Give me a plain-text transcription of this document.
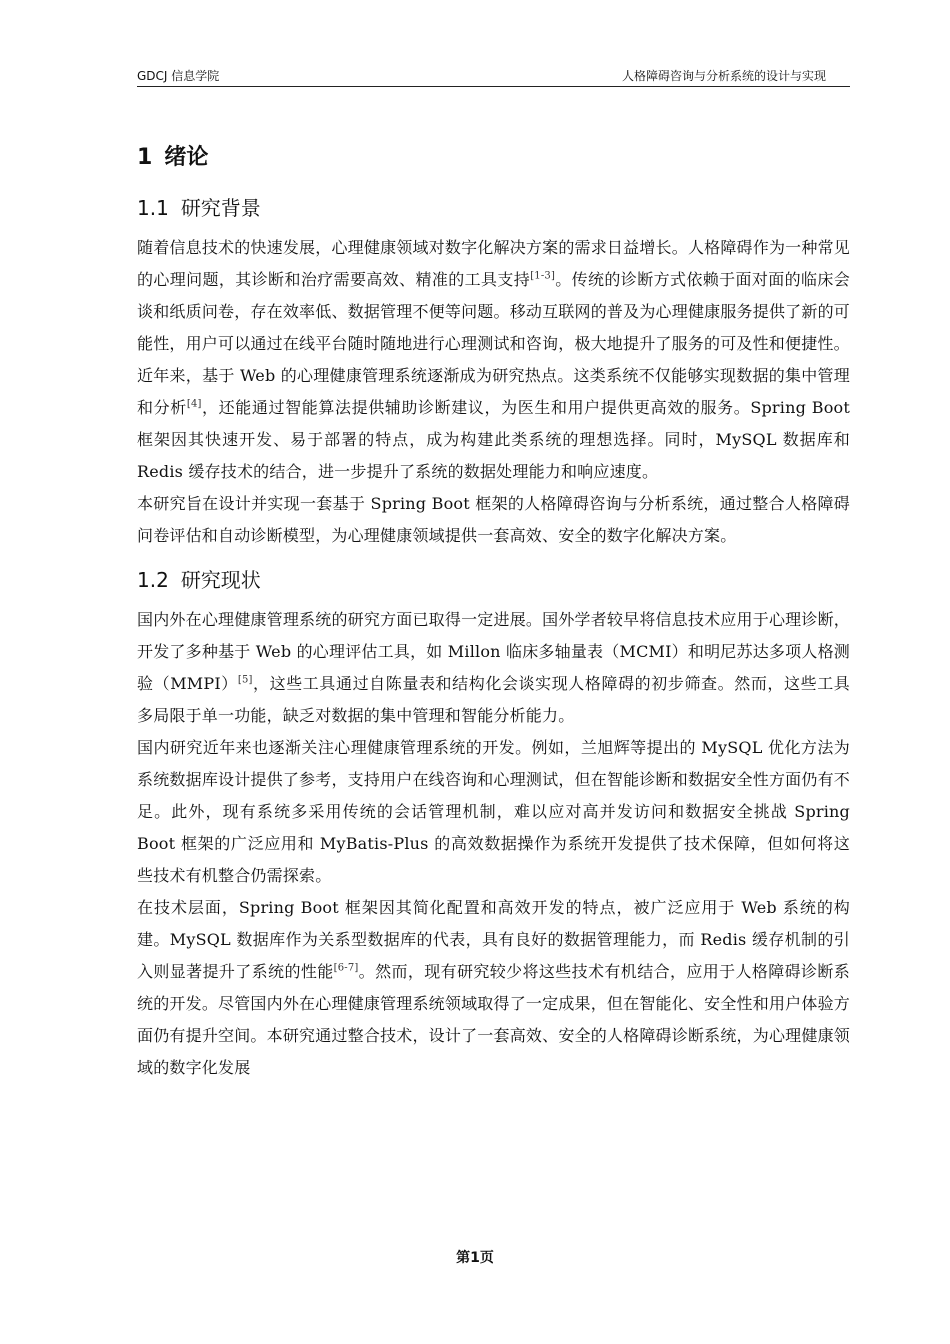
GDCJ 信息学院	人格障碍咨询与分析系统的设计与实现
1 绪论
1.1 研究背景

随着信息技术的快速发展，心理健康领域对数字化解决方案的需求日益增长。人格障碍作为一种常见的心理问题，其诊断和治疗需要高效、精准的工具支持[1-3]。传统的诊断方式依赖于面对面的临床会谈和纸质问卷，存在效率低、数据管理不便等问题。移动互联网的普及为心理健康服务提供了新的可能性，用户可以通过在线平台随时随地进行心理测试和咨询，极大地提升了服务的可及性和便捷性。

近年来，基于 Web 的心理健康管理系统逐渐成为研究热点。这类系统不仅能够实现数据的集中管理和分析[4]，还能通过智能算法提供辅助诊断建议，为医生和用户提供更高效的服务。Spring Boot 框架因其快速开发、易于部署的特点，成为构建此类系统的理想选择。同时，MySQL 数据库和 Redis 缓存技术的结合，进一步提升了系统的数据处理能力和响应速度。

本研究旨在设计并实现一套基于 Spring Boot 框架的人格障碍咨询与分析系统，通过整合人格障碍问卷评估和自动诊断模型，为心理健康领域提供一套高效、安全的数字化解决方案。

1.2 研究现状

国内外在心理健康管理系统的研究方面已取得一定进展。国外学者较早将信息技术应用于心理诊断，开发了多种基于 Web 的心理评估工具，如 Millon 临床多轴量表（MCMI）和明尼苏达多项人格测验（MMPI）[5]，这些工具通过自陈量表和结构化会谈实现人格障碍的初步筛查。然而，这些工具多局限于单一功能，缺乏对数据的集中管理和智能分析能力。

国内研究近年来也逐渐关注心理健康管理系统的开发。例如，兰旭辉等提出的 MySQL 优化方法为系统数据库设计提供了参考，支持用户在线咨询和心理测试，但在智能诊断和数据安全性方面仍有不足。此外，现有系统多采用传统的会话管理机制，难以应对高并发访问和数据安全挑战 Spring Boot 框架的广泛应用和 MyBatis-Plus 的高效数据操作为系统开发提供了技术保障，但如何将这些技术有机整合仍需探索。

在技术层面，Spring Boot 框架因其简化配置和高效开发的特点，被广泛应用于 Web 系统的构建。MySQL 数据库作为关系型数据库的代表，具有良好的数据管理能力，而 Redis 缓存机制的引入则显著提升了系统的性能[6-7]。然而，现有研究较少将这些技术有机结合，应用于人格障碍诊断系统的开发。尽管国内外在心理健康管理系统领域取得了一定成果，但在智能化、安全性和用户体验方面仍有提升空间。本研究通过整合技术，设计了一套高效、安全的人格障碍诊断系统，为心理健康领域的数字化发展

第1页
